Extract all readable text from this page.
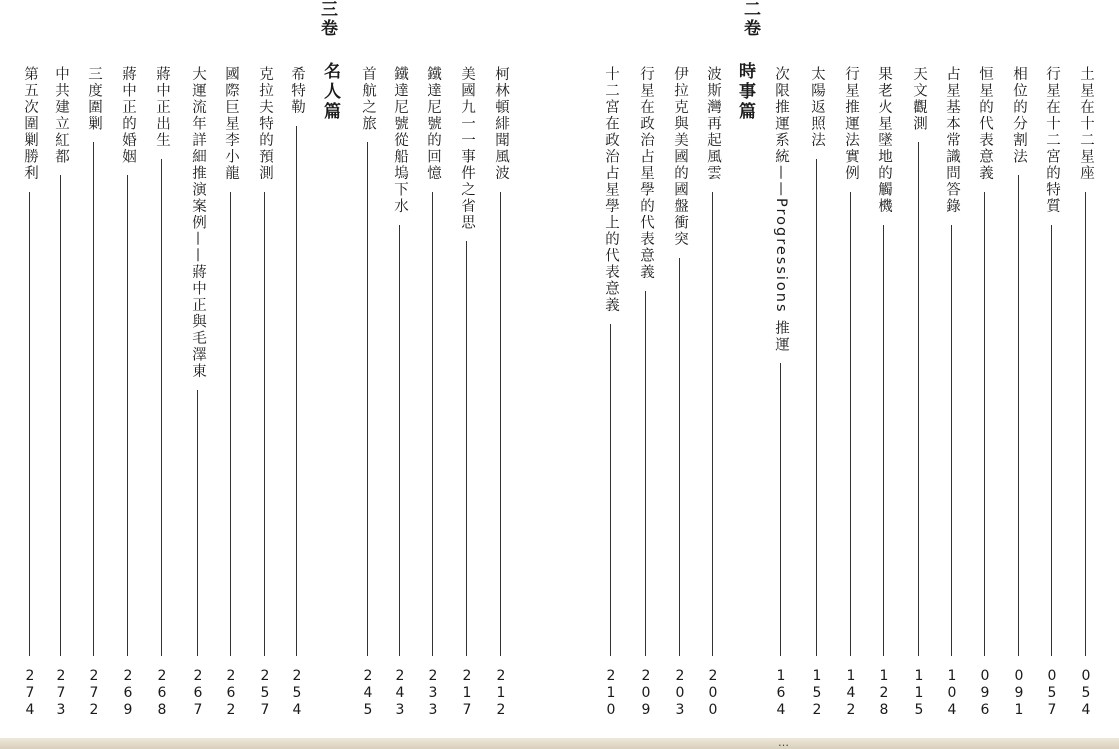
二卷
三卷
土星在十二星座
054
行星在十二宮的特質
057
相位的分割法
091
恒星的代表意義
096
占星基本常識問答錄
104
天文觀測
115
果老火星墜地的觸機
128
行星推運法實例
142
太陽返照法
152
次限推運系統——Progressions 推運
164
時事篇
波斯灣再起風雲
200
伊拉克與美國的國盤衝突
203
行星在政治占星學的代表意義
209
十二宮在政治占星學上的代表意義
210
柯林頓緋聞風波
212
美國九一一事件之省思
217
鐵達尼號的回憶
233
鐵達尼號從船塢下水
243
首航之旅
245
名人篇
希特勒
254
克拉夫特的預測
257
國際巨星李小龍
262
大運流年詳細推演案例——蔣中正與毛澤東
267
蔣中正出生
268
蔣中正的婚姻
269
三度圍剿
272
中共建立紅都
273
第五次圍剿勝利
274
…
